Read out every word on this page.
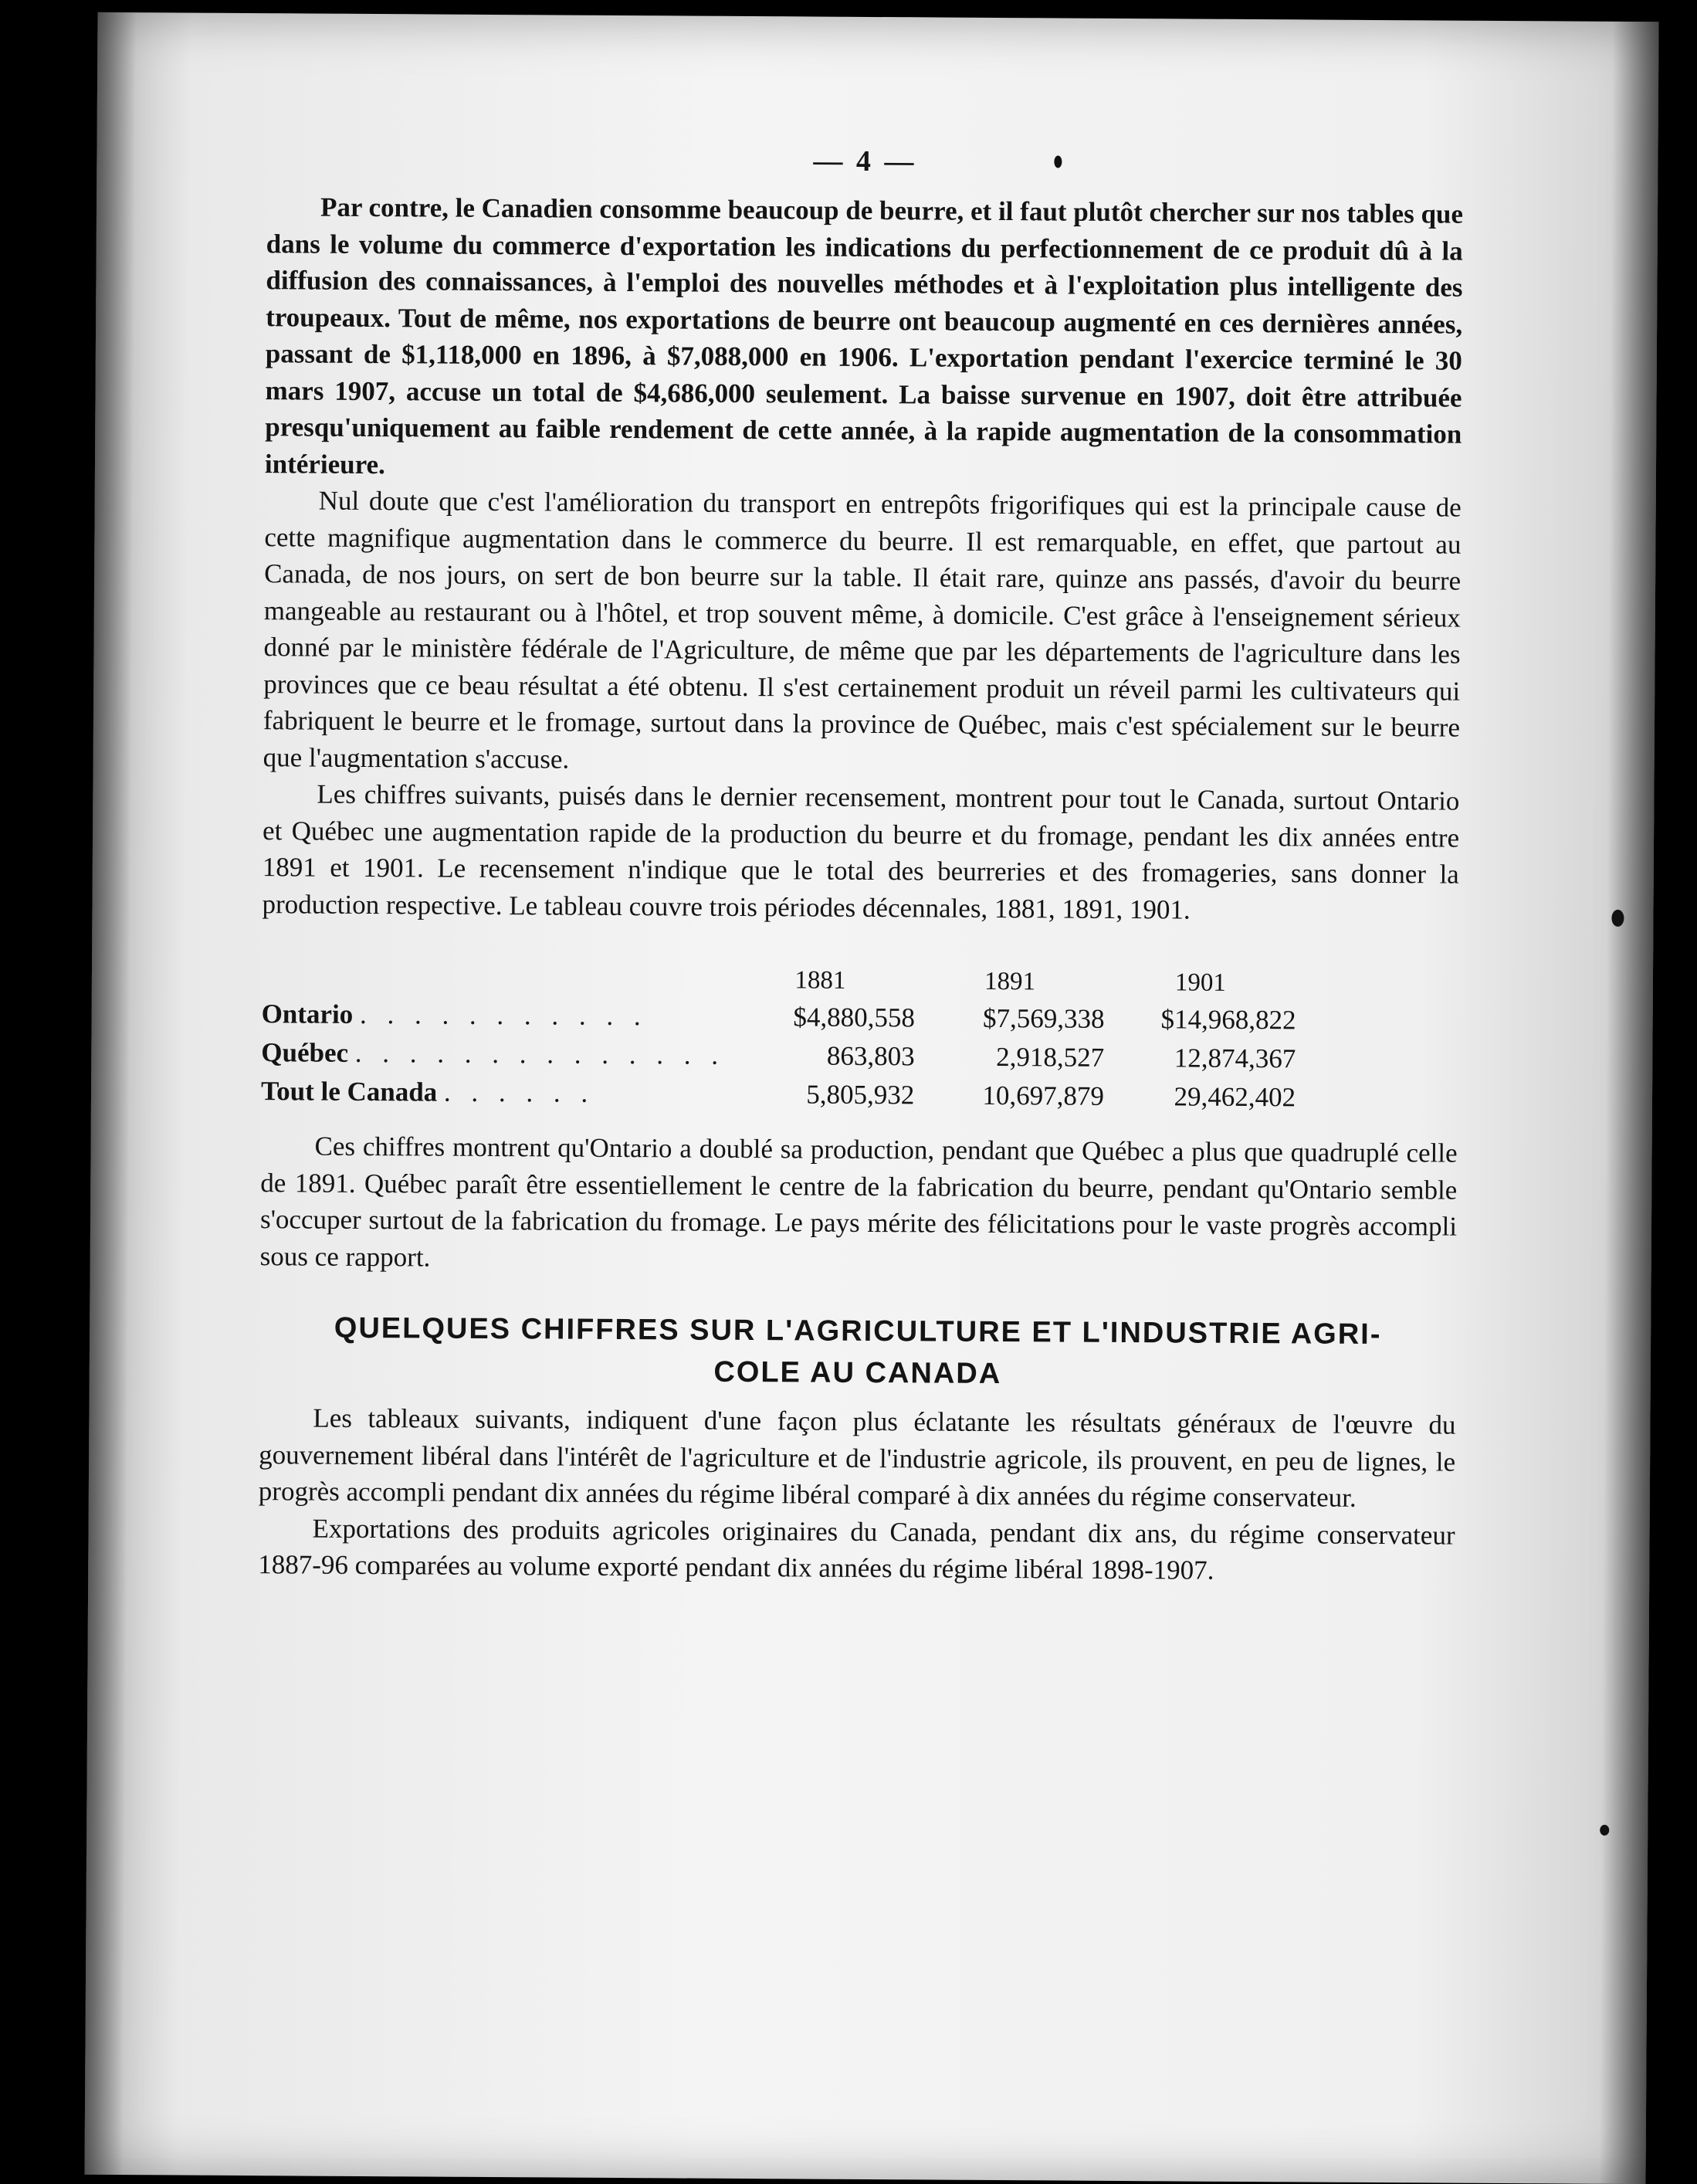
— 4 —

Par contre, le Canadien consomme beaucoup de beurre, et il faut plutôt chercher sur nos tables que dans le volume du commerce d'exportation les indications du perfectionnement de ce produit dû à la diffusion des connaissances, à l'emploi des nouvelles méthodes et à l'exploitation plus intelligente des troupeaux. Tout de même, nos exportations de beurre ont beaucoup augmenté en ces dernières années, passant de $1,118,000 en 1896, à $7,088,000 en 1906. L'exportation pendant l'exercice terminé le 30 mars 1907, accuse un total de $4,686,000 seulement. La baisse survenue en 1907, doit être attribuée presqu'uniquement au faible rendement de cette année, à la rapide augmentation de la consommation intérieure.

Nul doute que c'est l'amélioration du transport en entrepôts frigorifiques qui est la principale cause de cette magnifique augmentation dans le commerce du beurre. Il est remarquable, en effet, que partout au Canada, de nos jours, on sert de bon beurre sur la table. Il était rare, quinze ans passés, d'avoir du beurre mangeable au restaurant ou à l'hôtel, et trop souvent même, à domicile. C'est grâce à l'enseignement sérieux donné par le ministère fédérale de l'Agriculture, de même que par les départements de l'agriculture dans les provinces que ce beau résultat a été obtenu. Il s'est certainement produit un réveil parmi les cultivateurs qui fabriquent le beurre et le fromage, surtout dans la province de Québec, mais c'est spécialement sur le beurre que l'augmentation s'accuse.

Les chiffres suivants, puisés dans le dernier recensement, montrent pour tout le Canada, surtout Ontario et Québec une augmentation rapide de la production du beurre et du fromage, pendant les dix années entre 1891 et 1901. Le recensement n'indique que le total des beurreries et des fromageries, sans donner la production respective. Le tableau couvre trois périodes décennales, 1881, 1891, 1901.

	1881	1891	1901
Ontario . . . . . . . . . . .	$4,880,558	$7,569,338	$14,968,822
Québec . . . . . . . . . . . . . .	863,803	2,918,527	12,874,367
Tout le Canada . . . . . .	5,805,932	10,697,879	29,462,402

Ces chiffres montrent qu'Ontario a doublé sa production, pendant que Québec a plus que quadruplé celle de 1891. Québec paraît être essentiellement le centre de la fabrication du beurre, pendant qu'Ontario semble s'occuper surtout de la fabrication du fromage. Le pays mérite des félicitations pour le vaste progrès accompli sous ce rapport.

QUELQUES CHIFFRES SUR L'AGRICULTURE ET L'INDUSTRIE AGRI-
COLE AU CANADA

Les tableaux suivants, indiquent d'une façon plus éclatante les résultats généraux de l'œuvre du gouvernement libéral dans l'intérêt de l'agriculture et de l'industrie agricole, ils prouvent, en peu de lignes, le progrès accompli pendant dix années du régime libéral comparé à dix années du régime conservateur.

Exportations des produits agricoles originaires du Canada, pendant dix ans, du régime conservateur 1887-96 comparées au volume exporté pendant dix années du régime libéral 1898-1907.
